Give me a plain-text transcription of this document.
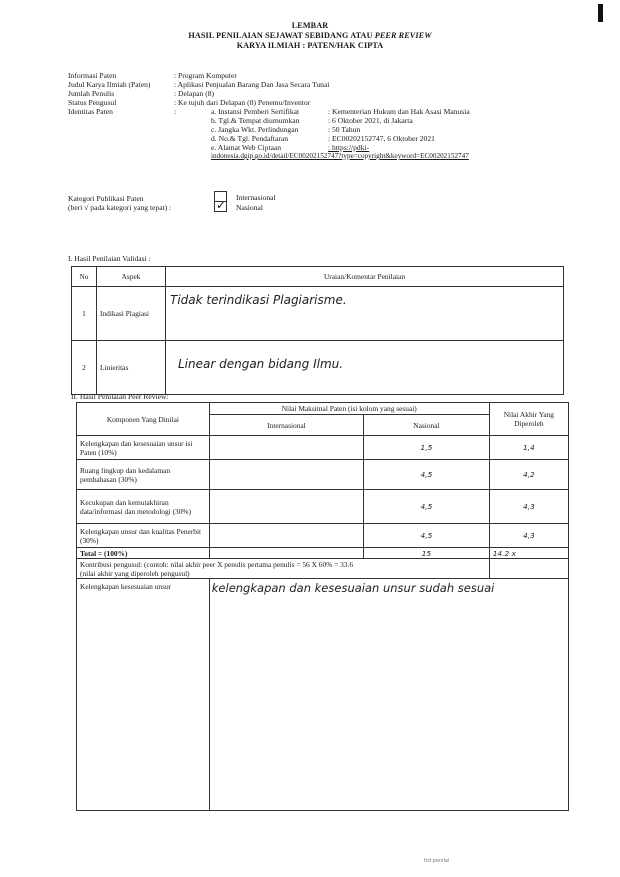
LEMBAR
HASIL PENILAIAN SEJAWAT SEBIDANG ATAU PEER REVIEW
KARYA ILMIAH : PATEN/HAK CIPTA
Informasi Paten	: Program Komputer
Judul Karya Ilmiah (Paten)	: Aplikasi Penjualan Barang Dan Jasa Secara Tunai
Jumlah Penulis	: Delapan (8)
Status Pengusul	: Ke tujuh dari Delapan (8) Penemu/Inventor
Identitas Paten	:	a. Instansi Pemberi Sertifikat	: Kementerian Hukum dan Hak Asasi Manusia
b. Tgl.& Tempat diumumkan	: 6 Oktober 2021, di Jakarta
c. Jangka Wkt. Perlindungan	: 50 Tahun
d. No.& Tgl. Pendaftaran	: EC00202152747, 6 Oktober 2021
e. Alamat Web Ciptaan	: https://pdki-
indonesia.dgip.go.id/detail/EC00202152747?type=copyright&keyword=EC00202152747
Kategori Publikasi Paten
(beri √ pada kategori yang tepat) :
Internasional
✓ Nasional
I. Hasil Penilaian Validasi :
No	Aspek	Uraian/Komentar Penilaian
1	Indikasi Plagiasi	Tidak terindikasi Plagiarisme.

2	Linieritas	Linear dengan bidang Ilmu.
II. Hasil Penilaian Peer Review:
Komponen Yang Dinilai	Nilai Maksimal Paten (isi kolom yang sesuai)		Nilai Akhir Yang Diperoleh
	Internasional	Nasional	
Kelengkapan dan kesesuaian unsur isi Paten (10%)		1,5	1,4
Ruang lingkup dan kedalaman pembahasan (30%)		4,5	4,2
Kecukupan dan kemutakhiran data/informasi dan metodologi (30%)		4,5	4,3
Kelengkapan unsur dan kualitas Penerbit (30%)		4,5	4,3
Total = (100%)		15	14.2 x

Kontribusi pengusul: (contoh: nilai akhir peer X penulis pertama penulis = 56 X 60% = 33.6
(nilai akhir yang diperoleh pengusul)			

Kelengkapan kesesuaian unsur	kelengkapan dan kesesuaian unsur sudah sesuai		
ttd penilai
